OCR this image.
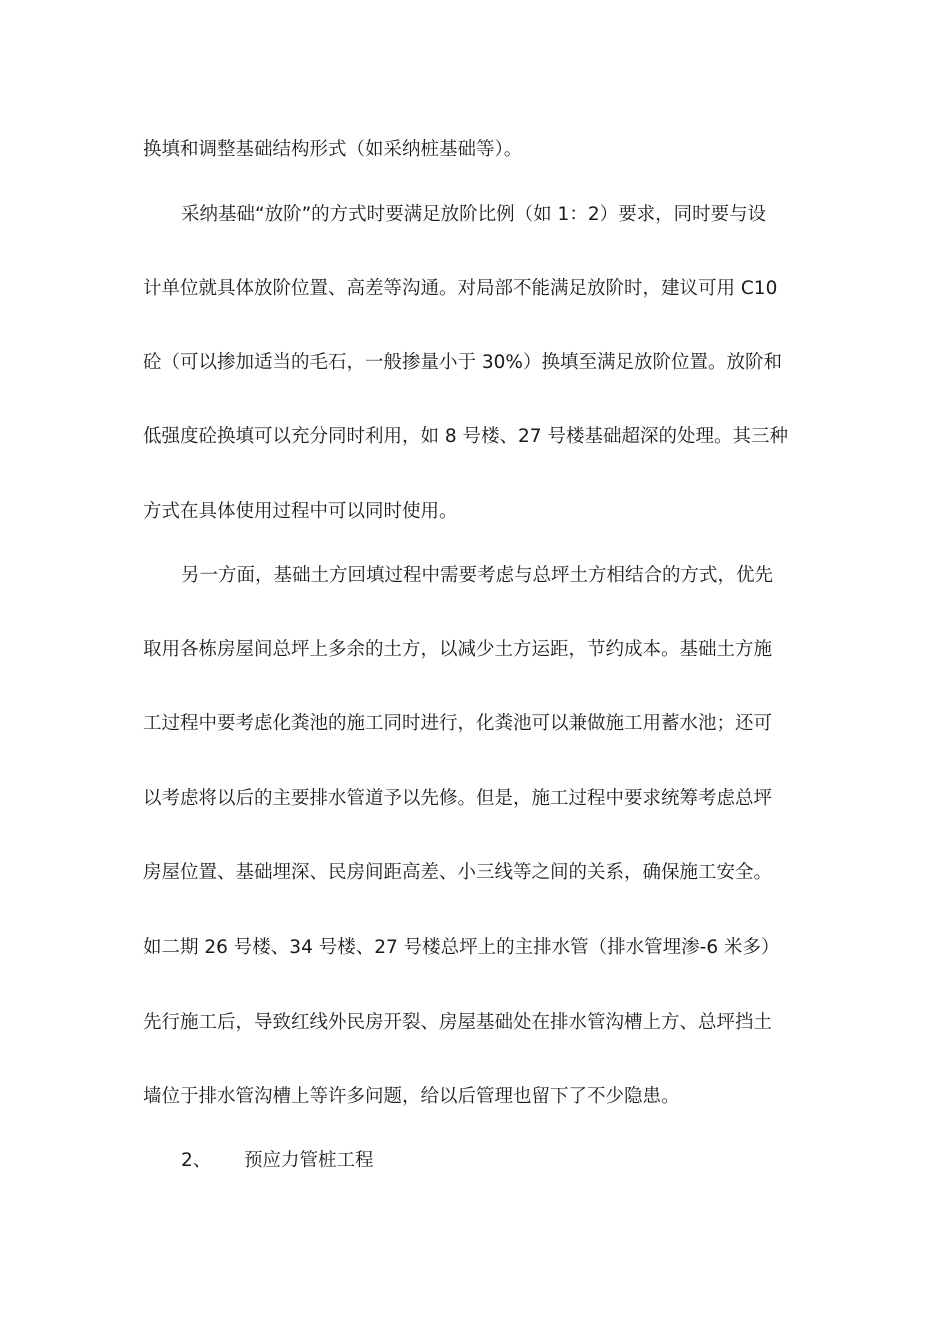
换填和调整基础结构形式（如采纳桩基础等）。
采纳基础“放阶”的方式时要满足放阶比例（如 1：2）要求，同时要与设
计单位就具体放阶位置、高差等沟通。对局部不能满足放阶时，建议可用 C10
砼（可以掺加适当的毛石，一般掺量小于 30%）换填至满足放阶位置。放阶和
低强度砼换填可以充分同时利用，如 8 号楼、27 号楼基础超深的处理。其三种
方式在具体使用过程中可以同时使用。
另一方面，基础土方回填过程中需要考虑与总坪土方相结合的方式，优先
取用各栋房屋间总坪上多余的土方，以减少土方运距，节约成本。基础土方施
工过程中要考虑化粪池的施工同时进行，化粪池可以兼做施工用蓄水池；还可
以考虑将以后的主要排水管道予以先修。但是，施工过程中要求统筹考虑总坪
房屋位置、基础埋深、民房间距高差、小三线等之间的关系，确保施工安全。
如二期 26 号楼、34 号楼、27 号楼总坪上的主排水管（排水管埋渗-6 米多）
先行施工后，导致红线外民房开裂、房屋基础处在排水管沟槽上方、总坪挡土
墙位于排水管沟槽上等许多问题，给以后管理也留下了不少隐患。
2、 预应力管桩工程
